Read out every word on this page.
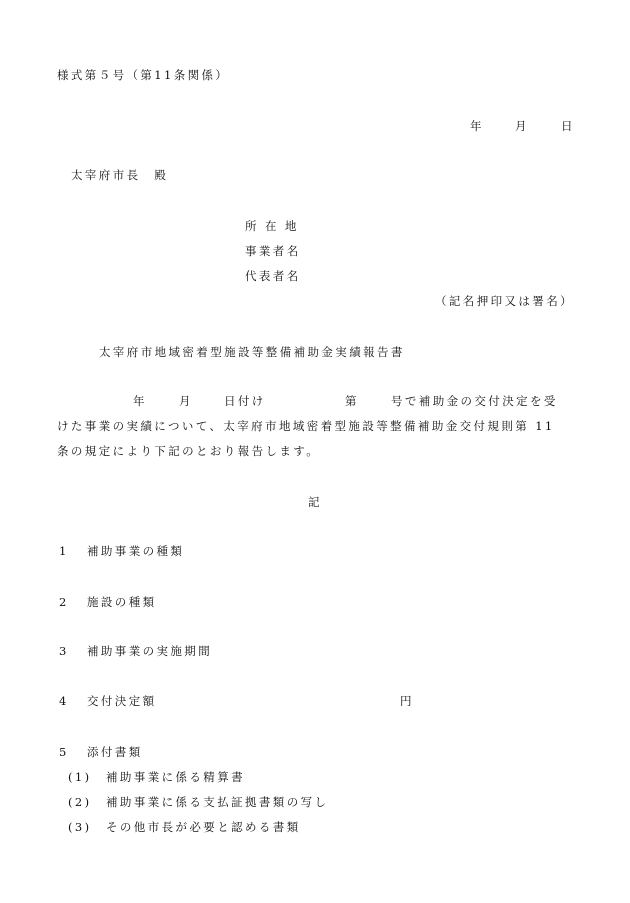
様式第５号（第11条関係）
年	月	日
太宰府市長　殿
所 在 地
事業者名
代表者名
（記名押印又は署名）
太宰府市地域密着型施設等整備補助金実績報告書
年	月	日付け	第	号で補助金の交付決定を受
けた事業の実績について、太宰府市地域密着型施設等整備補助金交付規則第 11
条の規定により下記のとおり報告します。
記
1 補助事業の種類
2 施設の種類
3 補助事業の実施期間
4 交付決定額	円
5 添付書類
(1) 補助事業に係る精算書
(2) 補助事業に係る支払証拠書類の写し
(3) その他市長が必要と認める書類
